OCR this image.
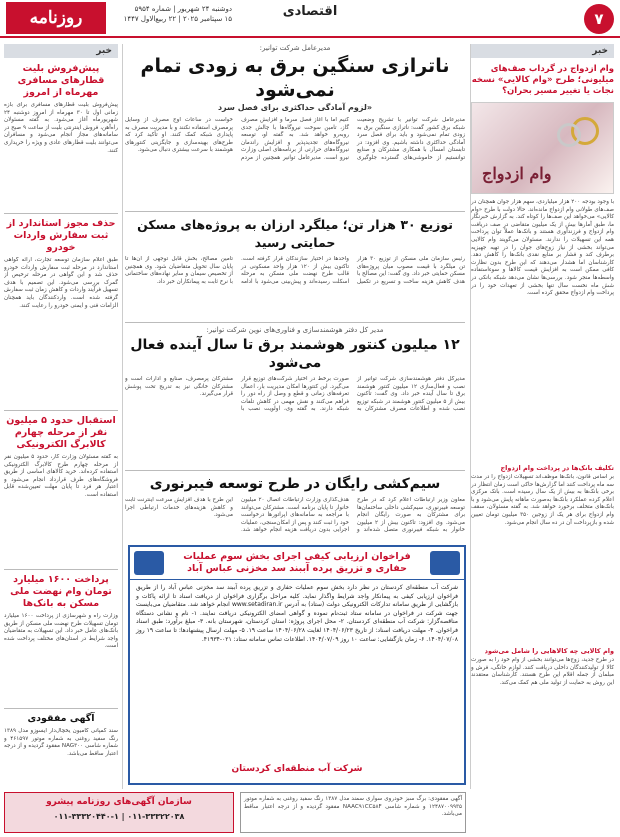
روزنامه	دوشنبه ۲۴ شهریور | شماره ۵۹۵۴
۱۵ سپتامبر ۲۰۲۵ | ۲۲ ربیع‌الاول ۱۴۴۷	اقتصادی	۷
خبر
وام ازدواج در گرداب صف‌های میلیونی؛ طرح «وام کالایی» نسخه نجات یا تغییر مسیر بحران؟
وام ازدواج
با وجود بودجه ۲۰۰ هزار میلیاردی، سهم هزار جوان همچنان در صف‌های طولانی وام ازدواج مانده‌اند. حالا دولت با طرح «وام کالایی» می‌خواهد این صف‌ها را کوتاه کند. به گزارش خبرنگار ما، طبق آمارها بیش از یک میلیون متقاضی در صف دریافت وام ازدواج و فرزندآوری هستند و بانک‌ها عملاً توان پرداخت همه این تسهیلات را ندارند. مسئولان می‌گویند وام کالایی می‌تواند بخشی از نیاز زوج‌های جوان را در تهیه جهیزیه برطرف کند و فشار بر منابع نقدی بانک‌ها را کاهش دهد. کارشناسان اما هشدار می‌دهند که این طرح بدون نظارت کافی ممکن است به افزایش قیمت کالاها و سوءاستفاده واسطه‌ها منجر شود. بررسی‌ها نشان می‌دهد شبکه بانکی در شش ماه نخست سال تنها بخشی از تعهدات خود را در پرداخت وام ازدواج محقق کرده است.
تکلیف بانک‌ها در پرداخت وام ازدواج
بر اساس قانون، بانک‌ها موظف‌اند تسهیلات ازدواج را در مدت سه ماه پرداخت کنند اما گزارش‌ها حاکی است زمان انتظار در برخی بانک‌ها به بیش از یک سال رسیده است. بانک مرکزی اعلام کرده عملکرد بانک‌ها به‌صورت ماهانه پایش می‌شود و با بانک‌های متخلف برخورد خواهد شد. به گفته مسئولان، سقف وام ازدواج برای هر یک از زوجین ۳۵۰ میلیون تومان تعیین شده و بازپرداخت آن در ده سال انجام می‌شود.
وام کالایی چه کالاهایی را شامل می‌شود
در طرح جدید، زوج‌ها می‌توانند بخشی از وام خود را به صورت کالا از تولیدکنندگان داخلی دریافت کنند. لوازم خانگی، فرش و مبلمان از جمله اقلام این طرح هستند. کارشناسان معتقدند این روش به حمایت از تولید ملی هم کمک می‌کند.
مدیرعامل شرکت توانیر:
ناترازی سنگین برق به زودی تمام نمی‌شود
«لزوم آمادگی حداکثری برای فصل سرد
مدیرعامل شرکت توانیر با تشریح وضعیت شبکه برق کشور گفت: ناترازی سنگین برق به زودی تمام نمی‌شود و باید برای فصل سرد آمادگی حداکثری داشته باشیم. وی افزود: در تابستان امسال با همکاری مشترکان و صنایع توانستیم از خاموشی‌های گسترده جلوگیری کنیم اما با آغاز فصل سرما و افزایش مصرف گاز، تامین سوخت نیروگاه‌ها با چالش جدی روبه‌رو خواهد شد. به گفته او، توسعه نیروگاه‌های تجدیدپذیر و افزایش راندمان نیروگاه‌های حرارتی از برنامه‌های اصلی وزارت نیرو است. مدیرعامل توانیر همچنین از مردم خواست در ساعات اوج مصرف از وسایل پرمصرف استفاده نکنند و با مدیریت مصرف به پایداری شبکه کمک کنند. او تأکید کرد که طرح‌های بهینه‌سازی و جایگزینی کنتورهای هوشمند با سرعت بیشتری دنبال می‌شود.
توزیع ۳۰ هزار تن؛ میلگرد ارزان به پروژه‌های مسکن حمایتی رسید
رئیس سازمان ملی مسکن از توزیع ۳۰ هزار تن میلگرد با قیمت مصوب میان پروژه‌های مسکن حمایتی خبر داد. وی گفت: این مصالح با هدف کاهش هزینه ساخت و تسریع در تکمیل واحدها در اختیار سازندگان قرار گرفته است. تاکنون بیش از ۱۲۰ هزار واحد مسکونی در قالب طرح نهضت ملی مسکن به مرحله اسکلت رسیده‌اند و پیش‌بینی می‌شود با ادامه تأمین مصالح، بخش قابل توجهی از آن‌ها تا پایان سال تحویل متقاضیان شود. وی همچنین از تخصیص سیمان و سایر نهاده‌های ساختمانی با نرخ ثابت به پیمانکاران خبر داد.
مدیر کل دفتر هوشمندسازی و فناوری‌های نوین شرکت توانیر:
۱۲ میلیون کنتور هوشمند برق تا سال آینده فعال می‌شود
مدیرکل دفتر هوشمندسازی شرکت توانیر از نصب و فعال‌سازی ۱۲ میلیون کنتور هوشمند برق تا سال آینده خبر داد. وی گفت: تاکنون بیش از ۵ میلیون کنتور هوشمند در شبکه توزیع نصب شده و اطلاعات مصرف مشترکان به صورت برخط در اختیار شرکت‌های توزیع قرار می‌گیرد. این کنتورها امکان مدیریت بار، اعمال تعرفه‌های زمانی و قطع و وصل از راه دور را فراهم می‌کنند و نقش مهمی در کاهش تلفات شبکه دارند. به گفته وی، اولویت نصب با مشترکان پرمصرف، صنایع و ادارات است و مشترکان خانگی نیز به تدریج تحت پوشش قرار می‌گیرند.
سیم‌کشی رایگان در طرح توسعه فیبرنوری
معاون وزیر ارتباطات اعلام کرد که در طرح توسعه فیبرنوری، سیم‌کشی داخلی ساختمان‌ها برای مشترکان به صورت رایگان انجام می‌شود. وی افزود: تاکنون بیش از ۲ میلیون خانوار به شبکه فیبرنوری متصل شده‌اند و هدف‌گذاری وزارت ارتباطات اتصال ۲۰ میلیون خانوار تا پایان برنامه است. مشترکان می‌توانند با مراجعه به سامانه‌های اپراتورها درخواست خود را ثبت کنند و پس از امکان‌سنجی، عملیات اجرایی بدون دریافت هزینه انجام خواهد شد. این طرح با هدف افزایش سرعت اینترنت ثابت و کاهش هزینه‌های خدمات ارتباطی اجرا می‌شود.
فراخوان ارزیابی کیفی اجرای بخش سوم عملیات حفاری و تزریق پرده آببند سد مخزنی عباس آباد
شرکت آب منطقه‌ای کردستان در نظر دارد بخش سوم عملیات حفاری و تزریق پرده آببند سد مخزنی عباس آباد را از طریق فراخوان ارزیابی کیفی به پیمانکار واجد شرایط واگذار نماید. کلیه مراحل برگزاری فراخوان از دریافت اسناد تا ارائه پاکات و بازگشایی از طریق سامانه تدارکات الکترونیکی دولت (ستاد) به آدرس www.setadiran.ir انجام خواهد شد. متقاضیان می‌بایست جهت شرکت در فراخوان در سامانه ستاد ثبت‌نام نموده و گواهی امضای الکترونیکی دریافت نمایند. ۱- نام و نشانی دستگاه مناقصه‌گزار: شرکت آب منطقه‌ای کردستان. ۲- محل اجرای پروژه: استان کردستان، شهرستان بانه. ۳- مبلغ برآورد: طبق اسناد فراخوان. ۴- مهلت دریافت اسناد: از تاریخ ۱۴۰۴/۰۶/۲۳ لغایت ۱۴۰۴/۰۶/۲۸ ساعت ۱۹. ۵- مهلت ارسال پیشنهادها: تا ساعت ۱۹ روز ۱۴۰۴/۰۷/۰۸. ۶- زمان بازگشایی: ساعت ۱۰ روز ۱۴۰۴/۰۷/۰۹. اطلاعات تماس سامانه ستاد: ۰۲۱-۴۱۹۳۴.
شرکت آب منطقه‌ای کردستان
خبر
پیش‌فروش بلیت قطارهای مسافری مهرماه از امروز
پیش‌فروش بلیت قطارهای مسافری برای بازه زمانی اول تا ۳۰ مهرماه از امروز دوشنبه ۲۴ شهریورماه آغاز می‌شود. به گفته مسئولان راه‌آهن، فروش اینترنتی بلیت از ساعت ۹ صبح در سامانه‌های مجاز انجام می‌شود و مسافران می‌توانند بلیت قطارهای عادی و ویژه را خریداری کنند.
حذف مجوز استاندارد از ثبت سفارش واردات خودرو
طبق اعلام سازمان توسعه تجارت، ارائه گواهی استاندارد در مرحله ثبت سفارش واردات خودرو حذف شد و این گواهی در مرحله ترخیص از گمرک بررسی می‌شود. این تصمیم با هدف تسهیل فرآیند واردات و کاهش زمان ثبت سفارش گرفته شده است. واردکنندگان باید همچنان الزامات فنی و ایمنی خودرو را رعایت کنند.
استقبال حدود ۵ میلیون نفر از مرحله چهارم کالابرگ الکترونیکی
به گفته مسئولان وزارت کار، حدود ۵ میلیون نفر از مرحله چهارم طرح کالابرگ الکترونیکی استفاده کرده‌اند. خرید کالاهای اساسی از طریق فروشگاه‌های طرف قرارداد انجام می‌شود و اعتبار هر فرد تا پایان مهلت تعیین‌شده قابل استفاده است.
پرداخت ۱۶۰۰ میلیارد تومان وام نهضت ملی مسکن به بانک‌ها
وزارت راه و شهرسازی از پرداخت ۱۶۰۰ میلیارد تومان تسهیلات طرح نهضت ملی مسکن از طریق بانک‌های عامل خبر داد. این تسهیلات به متقاضیان واجد شرایط در استان‌های مختلف پرداخت شده است.
آگهی مفقودی
سند کمپانی کامیون یخچال‌دار ایسوزو مدل ۱۳۸۹ رنگ سفید روغنی به شماره موتور ۴۶۱۵۹۷ و شماره شاسی NAG۳۰۰ مفقود گردیده و از درجه اعتبار ساقط می‌باشد.
سازمان آگهی‌های روزنامه پیشرو
۰۱۱-۳۳۳۲۰۴۴۰-۱ | ۰۱۱-۳۳۳۲۲۰۳۸
آگهی مفقودی: برگ سبز خودروی سواری سمند مدل ۱۳۸۷ رنگ سفید روغنی به شماره موتور ۱۲۴۸۷۰۰۹۹۳۵ و شماره شاسی NAAC۹۱CC۵۸F مفقود گردیده و از درجه اعتبار ساقط می‌باشد.
